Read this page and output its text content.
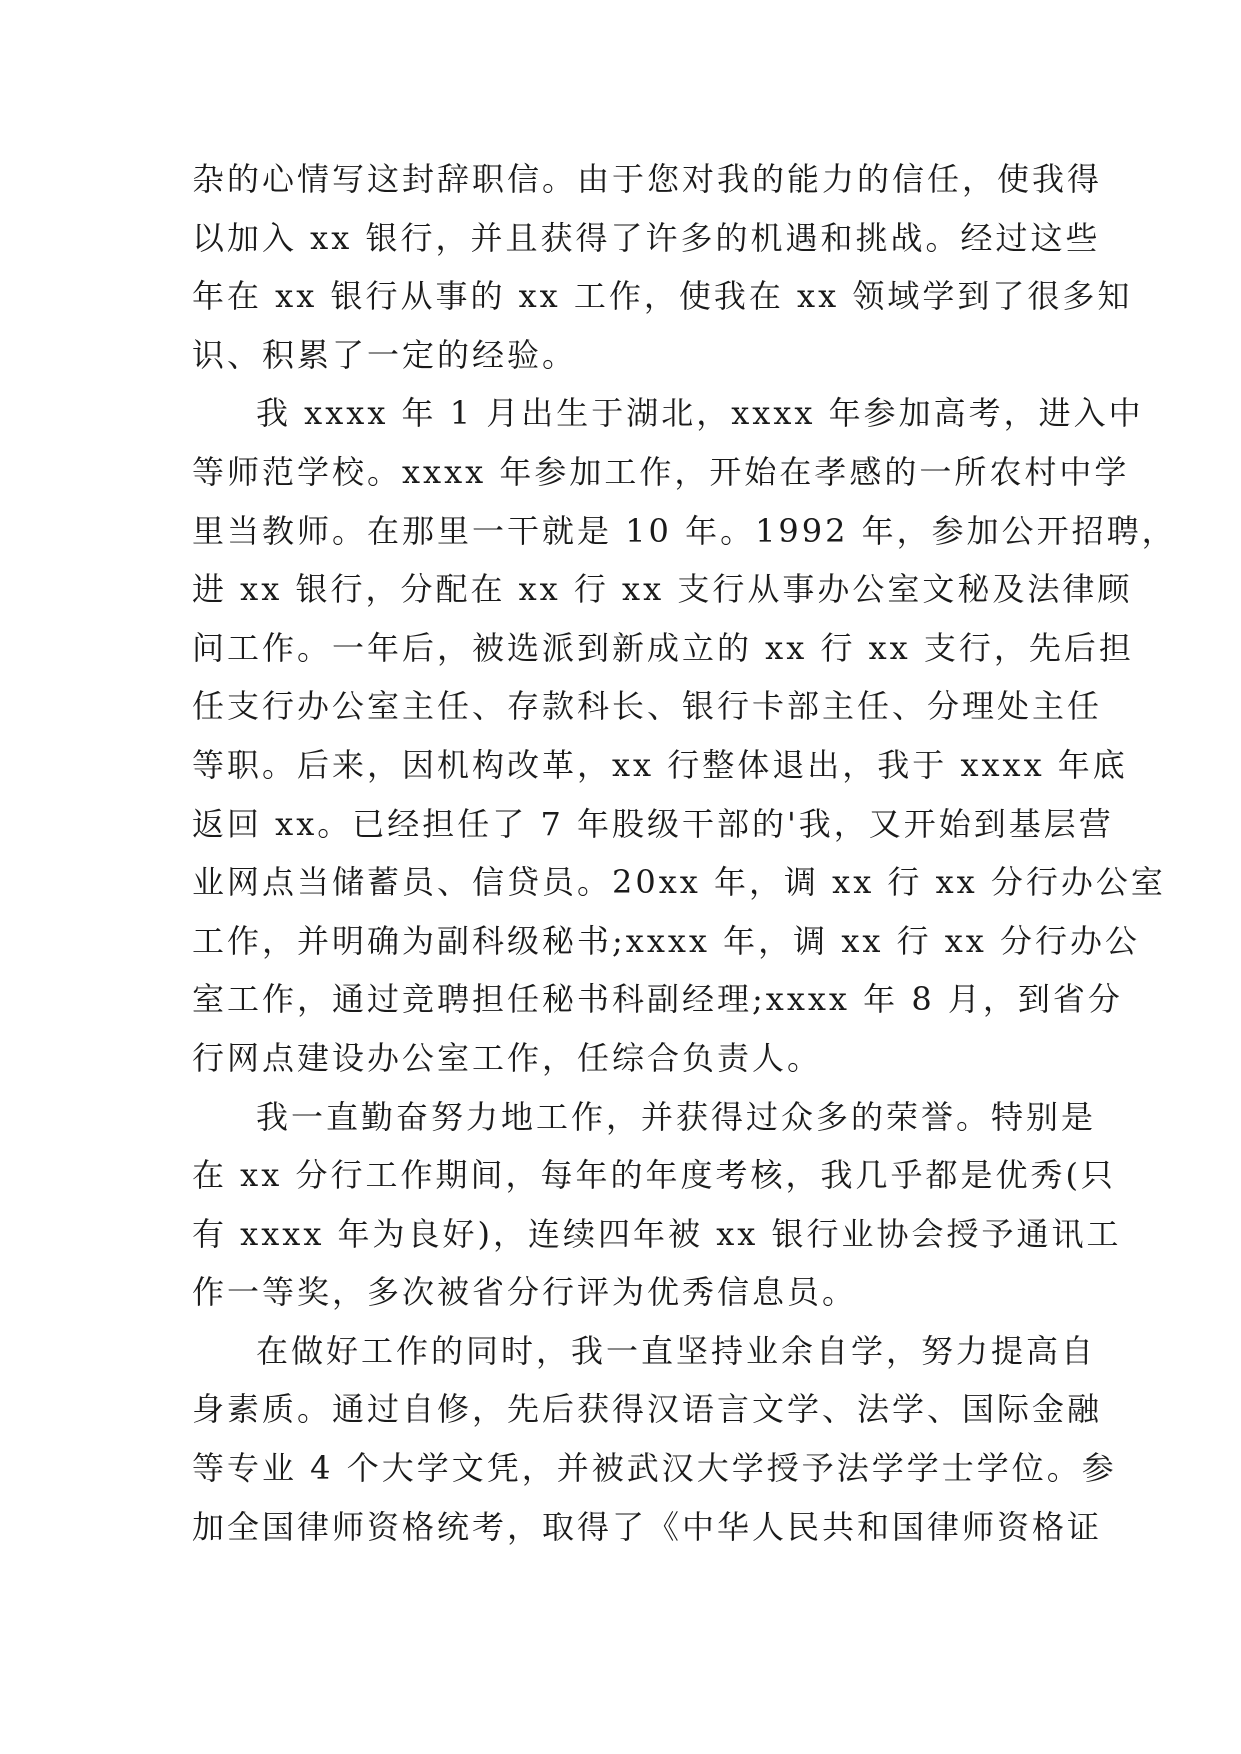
杂的心情写这封辞职信。由于您对我的能力的信任，使我得
以加入 xx 银行，并且获得了许多的机遇和挑战。经过这些
年在 xx 银行从事的 xx 工作，使我在 xx 领域学到了很多知
识、积累了一定的经验。
我 xxxx 年 1 月出生于湖北，xxxx 年参加高考，进入中
等师范学校。xxxx 年参加工作，开始在孝感的一所农村中学
里当教师。在那里一干就是 10 年。1992 年，参加公开招聘，
进 xx 银行，分配在 xx 行 xx 支行从事办公室文秘及法律顾
问工作。一年后，被选派到新成立的 xx 行 xx 支行，先后担
任支行办公室主任、存款科长、银行卡部主任、分理处主任
等职。后来，因机构改革，xx 行整体退出，我于 xxxx 年底
返回 xx。已经担任了 7 年股级干部的'我，又开始到基层营
业网点当储蓄员、信贷员。20xx 年，调 xx 行 xx 分行办公室
工作，并明确为副科级秘书;xxxx 年，调 xx 行 xx 分行办公
室工作，通过竞聘担任秘书科副经理;xxxx 年 8 月，到省分
行网点建设办公室工作，任综合负责人。
我一直勤奋努力地工作，并获得过众多的荣誉。特别是
在 xx 分行工作期间，每年的年度考核，我几乎都是优秀(只
有 xxxx 年为良好)，连续四年被 xx 银行业协会授予通讯工
作一等奖，多次被省分行评为优秀信息员。
在做好工作的同时，我一直坚持业余自学，努力提高自
身素质。通过自修，先后获得汉语言文学、法学、国际金融
等专业 4 个大学文凭，并被武汉大学授予法学学士学位。参
加全国律师资格统考，取得了《中华人民共和国律师资格证
